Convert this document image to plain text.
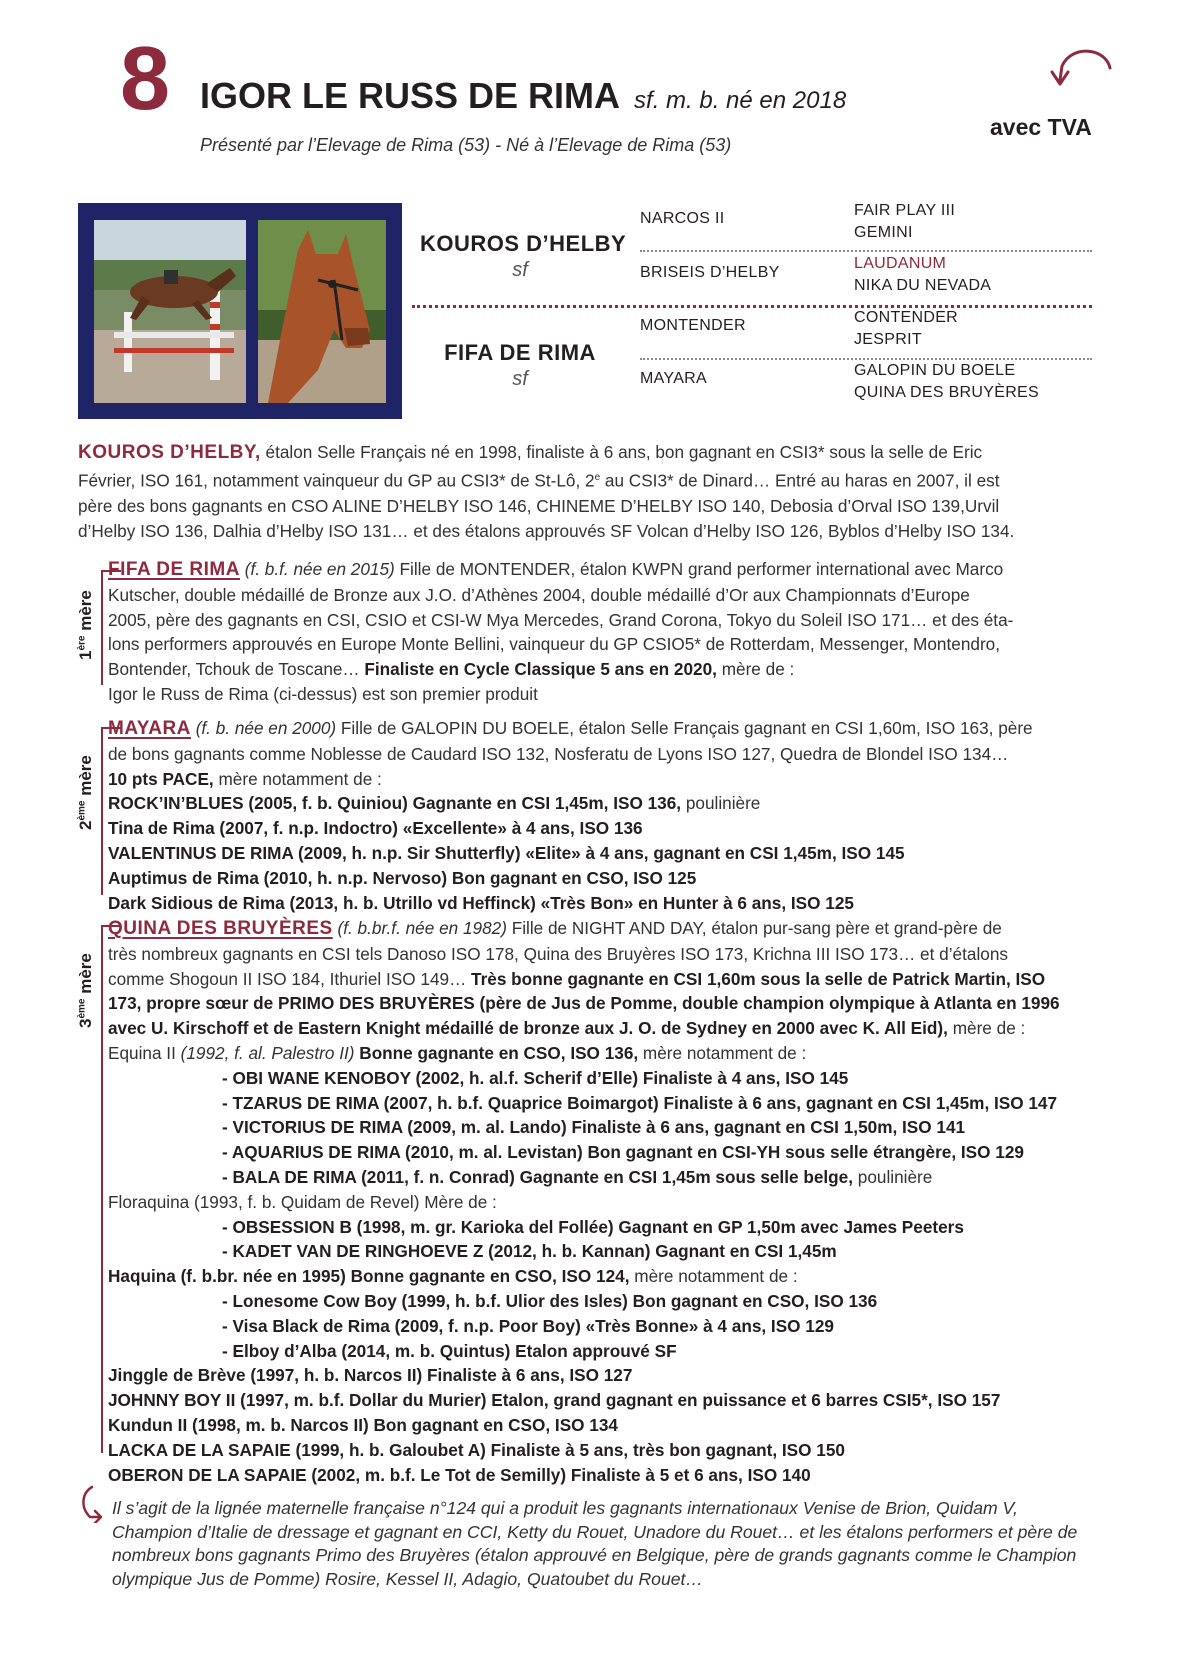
8 IGOR LE RUSS DE RIMA sf. m. b. né en 2018
Présenté par l’Elevage de Rima (53) - Né à l’Elevage de Rima (53)
avec TVA
KOUROS D’HELBY
sf
FIFA DE RIMA
sf
NARCOS II
BRISEIS D’HELBY
MONTENDER
MAYARA
FAIR PLAY III
GEMINI
LAUDANUM
NIKA DU NEVADA
CONTENDER
JESPRIT
GALOPIN DU BOELE
QUINA DES BRUYÈRES
KOUROS D’HELBY, étalon Selle Français né en 1998, finaliste à 6 ans, bon gagnant en CSI3* sous la selle de Eric
Février, ISO 161, notamment vainqueur du GP au CSI3* de St-Lô, 2e au CSI3* de Dinard… Entré au haras en 2007, il est
père des bons gagnants en CSO ALINE D’HELBY ISO 146, CHINEME D’HELBY ISO 140, Debosia d’Orval ISO 139,Urvil
d’Helby ISO 136, Dalhia d’Helby ISO 131… et des étalons approuvés SF Volcan d’Helby ISO 126, Byblos d’Helby ISO 134.
1ère mère
FIFA DE RIMA (f. b.f. née en 2015) Fille de MONTENDER, étalon KWPN grand performer international avec Marco
Kutscher, double médaillé de Bronze aux J.O. d’Athènes 2004, double médaillé d’Or aux Championnats d’Europe
2005, père des gagnants en CSI, CSIO et CSI-W Mya Mercedes, Grand Corona, Tokyo du Soleil ISO 171… et des éta-
lons performers approuvés en Europe Monte Bellini, vainqueur du GP CSIO5* de Rotterdam, Messenger, Montendro,
Bontender, Tchouk de Toscane… Finaliste en Cycle Classique 5 ans en 2020, mère de :
Igor le Russ de Rima (ci-dessus) est son premier produit
2ème mère
MAYARA (f. b. née en 2000) Fille de GALOPIN DU BOELE, étalon Selle Français gagnant en CSI 1,60m, ISO 163, père
de bons gagnants comme Noblesse de Caudard ISO 132, Nosferatu de Lyons ISO 127, Quedra de Blondel ISO 134…
10 pts PACE, mère notamment de :
ROCK’IN’BLUES (2005, f. b. Quiniou) Gagnante en CSI 1,45m, ISO 136, poulinière
Tina de Rima (2007, f. n.p. Indoctro) «Excellente» à 4 ans, ISO 136
VALENTINUS DE RIMA (2009, h. n.p. Sir Shutterfly) «Elite» à 4 ans, gagnant en CSI 1,45m, ISO 145
Auptimus de Rima (2010, h. n.p. Nervoso) Bon gagnant en CSO, ISO 125
Dark Sidious de Rima (2013, h. b. Utrillo vd Heffinck) «Très Bon» en Hunter à 6 ans, ISO 125
3ème mère
QUINA DES BRUYÈRES (f. b.br.f. née en 1982) Fille de NIGHT AND DAY, étalon pur-sang père et grand-père de
très nombreux gagnants en CSI tels Danoso ISO 178, Quina des Bruyères ISO 173, Krichna III ISO 173… et d’étalons
comme Shogoun II ISO 184, Ithuriel ISO 149… Très bonne gagnante en CSI 1,60m sous la selle de Patrick Martin, ISO
173, propre sœur de PRIMO DES BRUYÈRES (père de Jus de Pomme, double champion olympique à Atlanta en 1996
avec U. Kirschoff et de Eastern Knight médaillé de bronze aux J. O. de Sydney en 2000 avec K. All Eid), mère de :
Equina II (1992, f. al. Palestro II) Bonne gagnante en CSO, ISO 136, mère notamment de :
- OBI WANE KENOBOY (2002, h. al.f. Scherif d’Elle) Finaliste à 4 ans, ISO 145
- TZARUS DE RIMA (2007, h. b.f. Quaprice Boimargot) Finaliste à 6 ans, gagnant en CSI 1,45m, ISO 147
- VICTORIUS DE RIMA (2009, m. al. Lando) Finaliste à 6 ans, gagnant en CSI 1,50m, ISO 141
- AQUARIUS DE RIMA (2010, m. al. Levistan) Bon gagnant en CSI-YH sous selle étrangère, ISO 129
- BALA DE RIMA (2011, f. n. Conrad) Gagnante en CSI 1,45m sous selle belge, poulinière
Floraquina (1993, f. b. Quidam de Revel) Mère de :
- OBSESSION B (1998, m. gr. Karioka del Follée) Gagnant en GP 1,50m avec James Peeters
- KADET VAN DE RINGHOEVE Z (2012, h. b. Kannan) Gagnant en CSI 1,45m
Haquina (f. b.br. née en 1995) Bonne gagnante en CSO, ISO 124, mère notamment de :
- Lonesome Cow Boy (1999, h. b.f. Ulior des Isles) Bon gagnant en CSO, ISO 136
- Visa Black de Rima (2009, f. n.p. Poor Boy) «Très Bonne» à 4 ans, ISO 129
- Elboy d’Alba (2014, m. b. Quintus) Etalon approuvé SF
Jinggle de Brève (1997, h. b. Narcos II) Finaliste à 6 ans, ISO 127
JOHNNY BOY II (1997, m. b.f. Dollar du Murier) Etalon, grand gagnant en puissance et 6 barres CSI5*, ISO 157
Kundun II (1998, m. b. Narcos II) Bon gagnant en CSO, ISO 134
LACKA DE LA SAPAIE (1999, h. b. Galoubet A) Finaliste à 5 ans, très bon gagnant, ISO 150
OBERON DE LA SAPAIE (2002, m. b.f. Le Tot de Semilly) Finaliste à 5 et 6 ans, ISO 140
Il s’agit de la lignée maternelle française n°124 qui a produit les gagnants internationaux Venise de Brion, Quidam V, Champion d’Italie de dressage et gagnant en CCI, Ketty du Rouet, Unadore du Rouet… et les étalons performers et père de nombreux bons gagnants Primo des Bruyères (étalon approuvé en Belgique, père de grands gagnants comme le Champion olympique Jus de Pomme) Rosire, Kessel II, Adagio, Quatoubet du Rouet…
